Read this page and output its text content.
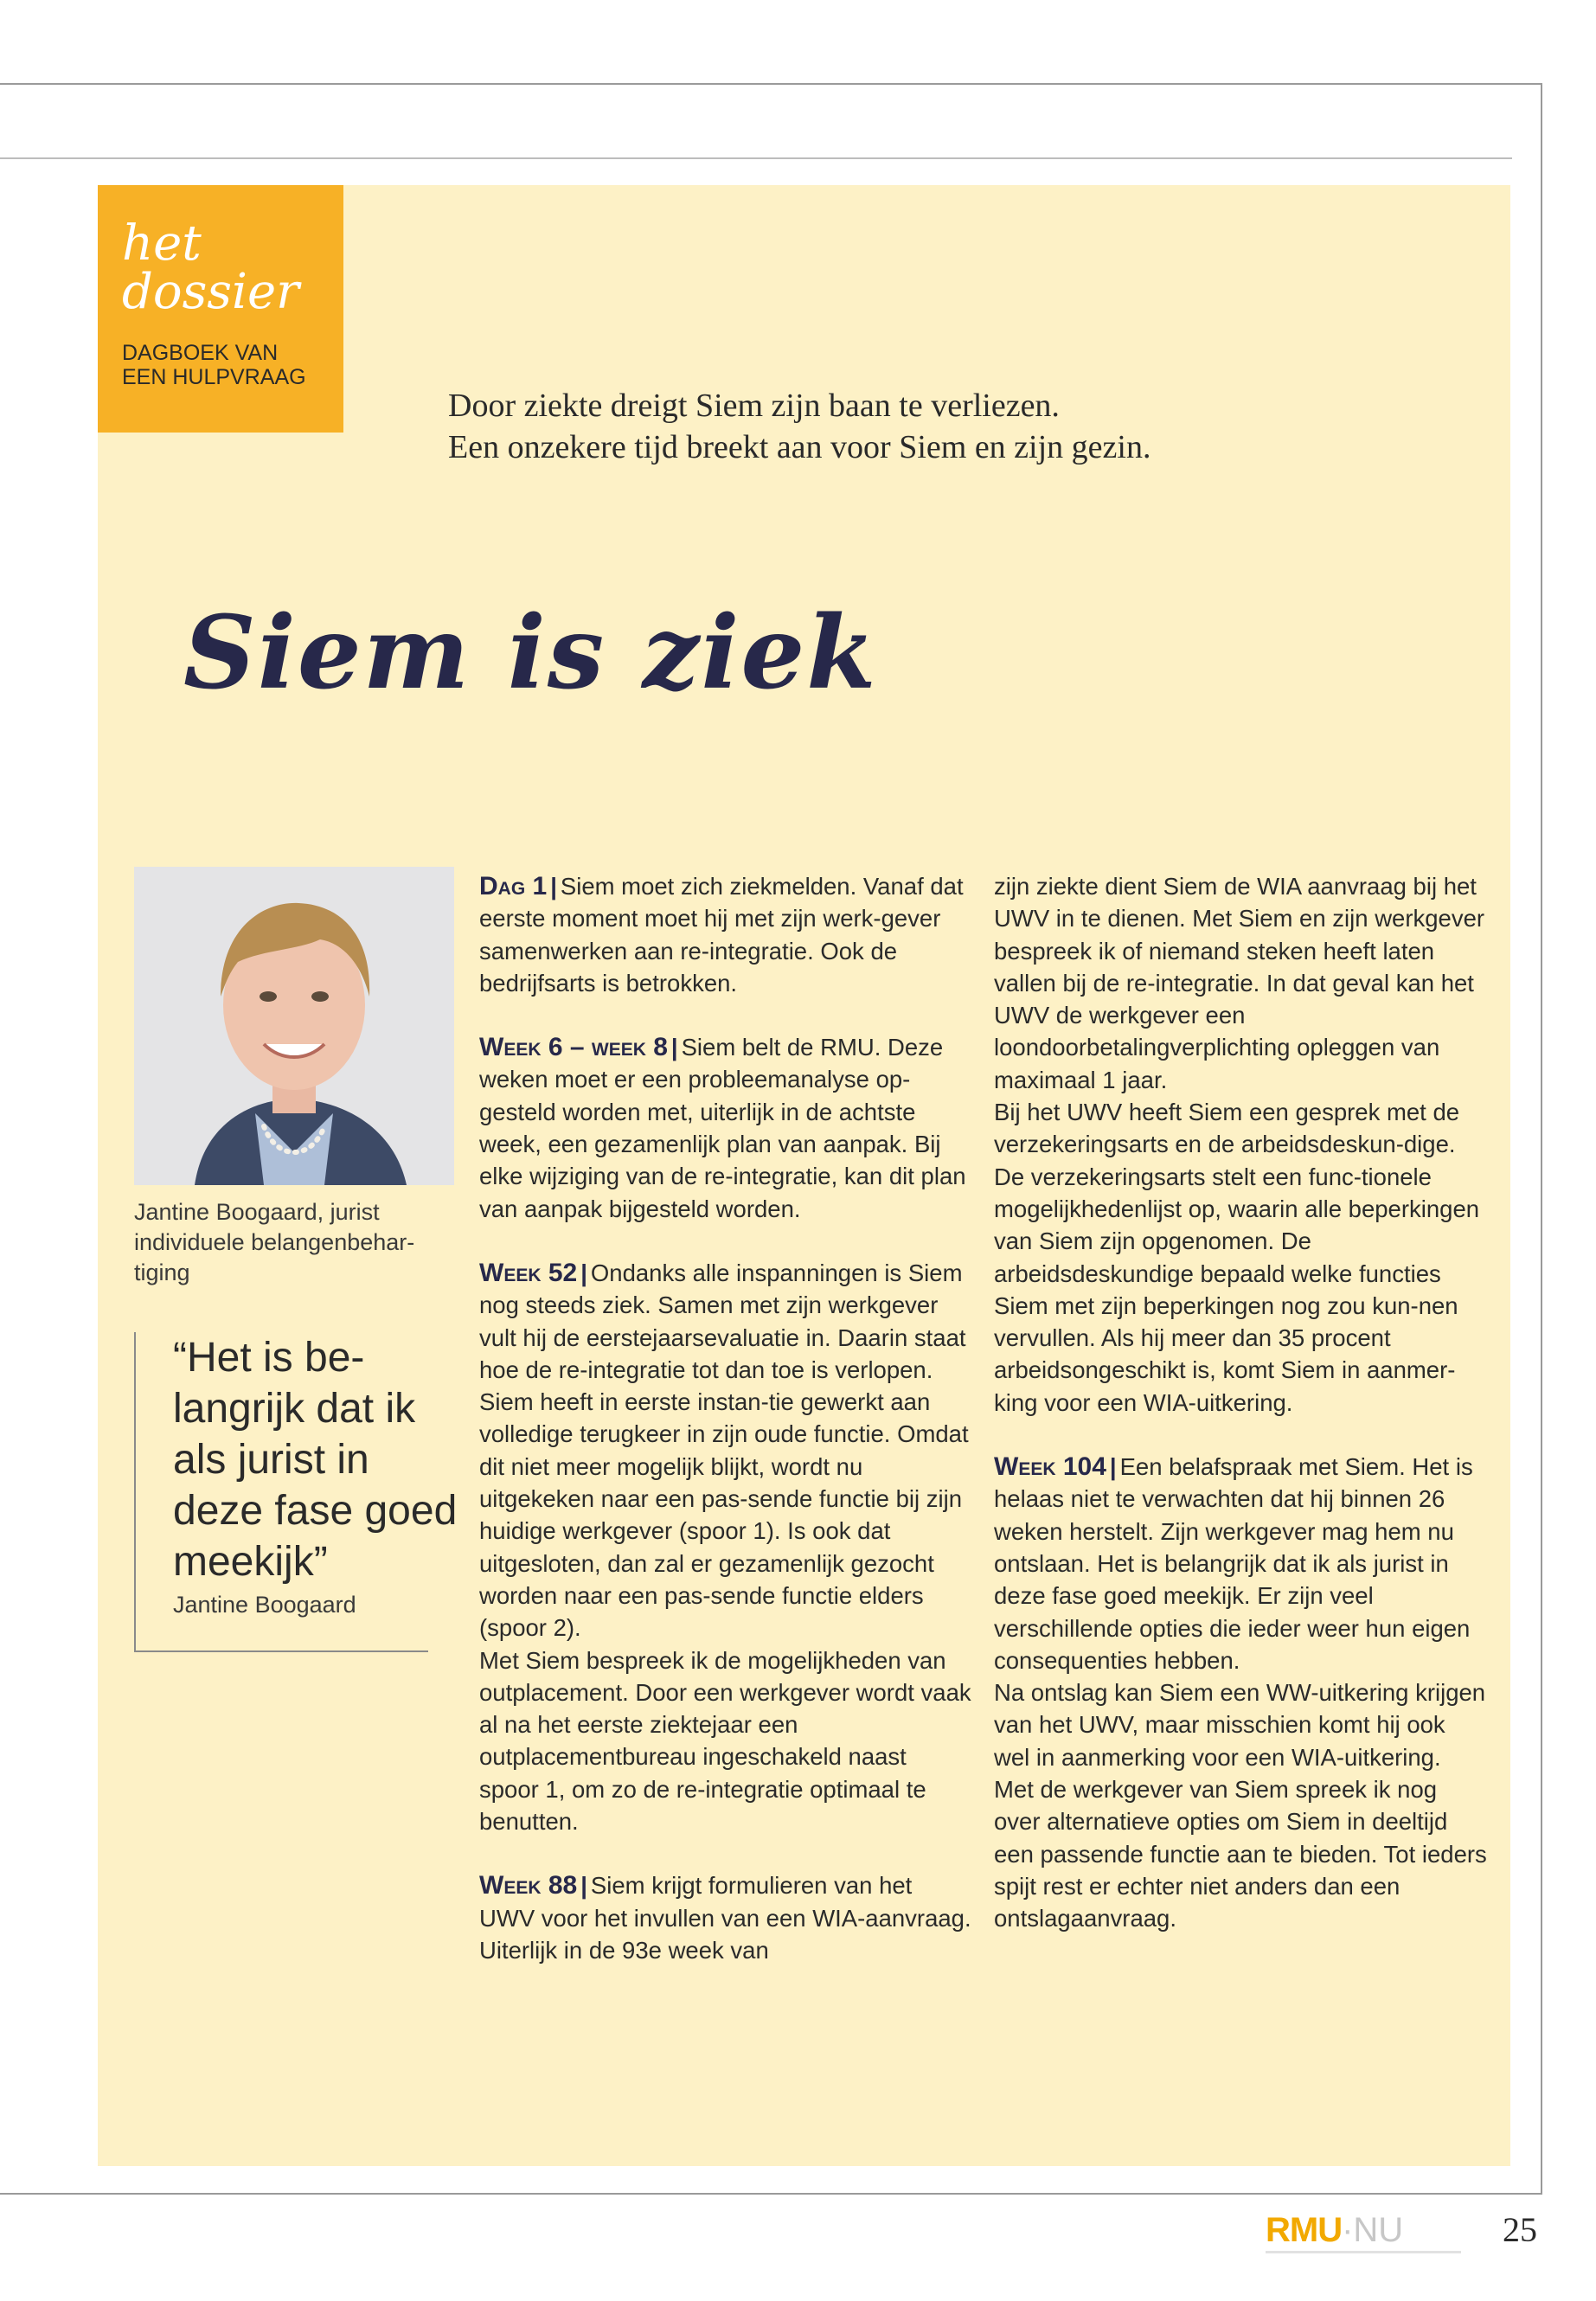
het
dossier
DAGBOEK VAN
EEN HULPVRAAG

Door ziekte dreigt Siem zijn baan te verliezen.

Een onzekere tijd breekt aan voor Siem en zijn gezin.

Siem is ziek
Jantine Boogaard, jurist individuele belangenbehar-tiging
“Het is be-langrijk dat ik als jurist in deze fase goed meekijk”
Jantine Boogaard

Dag 1 | Siem moet zich ziekmelden. Vanaf dat eerste moment moet hij met zijn werk-gever samenwerken aan re-integratie. Ook de bedrijfsarts is betrokken.

Week 6 – week 8 | Siem belt de RMU. Deze weken moet er een probleemanalyse op-gesteld worden met, uiterlijk in de achtste week, een gezamenlijk plan van aanpak. Bij elke wijziging van de re-integratie, kan dit plan van aanpak bijgesteld worden.

Week 52 | Ondanks alle inspanningen is Siem nog steeds ziek. Samen met zijn werkgever vult hij de eerstejaarsevaluatie in. Daarin staat hoe de re-integratie tot dan toe is verlopen. Siem heeft in eerste instan-tie gewerkt aan volledige terugkeer in zijn oude functie. Omdat dit niet meer mogelijk blijkt, wordt nu uitgekeken naar een pas-sende functie bij zijn huidige werkgever (spoor 1). Is ook dat uitgesloten, dan zal er gezamenlijk gezocht worden naar een pas-sende functie elders (spoor 2).

Met Siem bespreek ik de mogelijkheden van outplacement. Door een werkgever wordt vaak al na het eerste ziektejaar een outplacementbureau ingeschakeld naast spoor 1, om zo de re-integratie optimaal te benutten.

Week 88 | Siem krijgt formulieren van het UWV voor het invullen van een WIA-aanvraag. Uiterlijk in de 93e week van

zijn ziekte dient Siem de WIA aanvraag bij het UWV in te dienen. Met Siem en zijn werkgever bespreek ik of niemand steken heeft laten vallen bij de re-integratie. In dat geval kan het UWV de werkgever een loondoorbetalingverplichting opleggen van maximaal 1 jaar.

Bij het UWV heeft Siem een gesprek met de verzekeringsarts en de arbeidsdeskun-dige. De verzekeringsarts stelt een func-tionele mogelijkhedenlijst op, waarin alle beperkingen van Siem zijn opgenomen. De arbeidsdeskundige bepaald welke functies Siem met zijn beperkingen nog zou kun-nen vervullen. Als hij meer dan 35 procent arbeidsongeschikt is, komt Siem in aanmer-king voor een WIA-uitkering.

Week 104 | Een belafspraak met Siem. Het is helaas niet te verwachten dat hij binnen 26 weken herstelt. Zijn werkgever mag hem nu ontslaan. Het is belangrijk dat ik als jurist in deze fase goed meekijk. Er zijn veel verschillende opties die ieder weer hun eigen consequenties hebben.

Na ontslag kan Siem een WW-uitkering krijgen van het UWV, maar misschien komt hij ook wel in aanmerking voor een WIA-uitkering. Met de werkgever van Siem spreek ik nog over alternatieve opties om Siem in deeltijd een passende functie aan te bieden. Tot ieders spijt rest er echter niet anders dan een ontslagaanvraag.

RMU·NU	25
